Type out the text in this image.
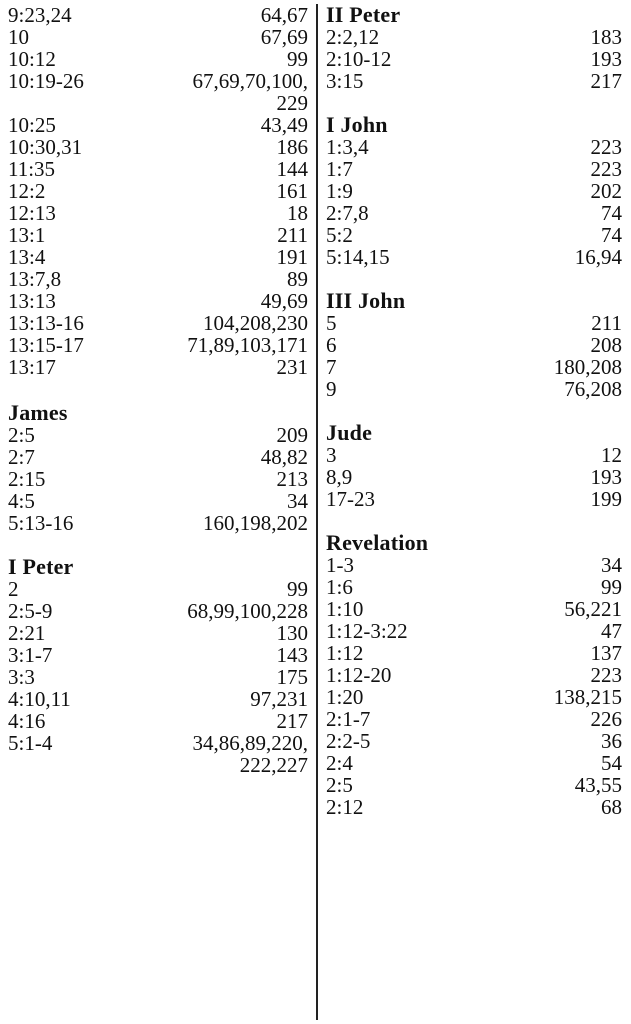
9:23,24	64,67
10	67,69
10:12	99
10:19-26	67,69,70,100,
229
10:25	43,49
10:30,31	186
11:35	144
12:2	161
12:13	18
13:1	211
13:4	191
13:7,8	89
13:13	49,69
13:13-16	104,208,230
13:15-17	71,89,103,171
13:17	231
James
2:5	209
2:7	48,82
2:15	213
4:5	34
5:13-16	160,198,202
I Peter
2	99
2:5-9	68,99,100,228
2:21	130
3:1-7	143
3:3	175
4:10,11	97,231
4:16	217
5:1-4	34,86,89,220,
222,227
II Peter
2:2,12	183
2:10-12	193
3:15	217
I John
1:3,4	223
1:7	223
1:9	202
2:7,8	74
5:2	74
5:14,15	16,94
III John
5	211
6	208
7	180,208
9	76,208
Jude
3	12
8,9	193
17-23	199
Revelation
1-3	34
1:6	99
1:10	56,221
1:12-3:22	47
1:12	137
1:12-20	223
1:20	138,215
2:1-7	226
2:2-5	36
2:4	54
2:5	43,55
2:12	68
